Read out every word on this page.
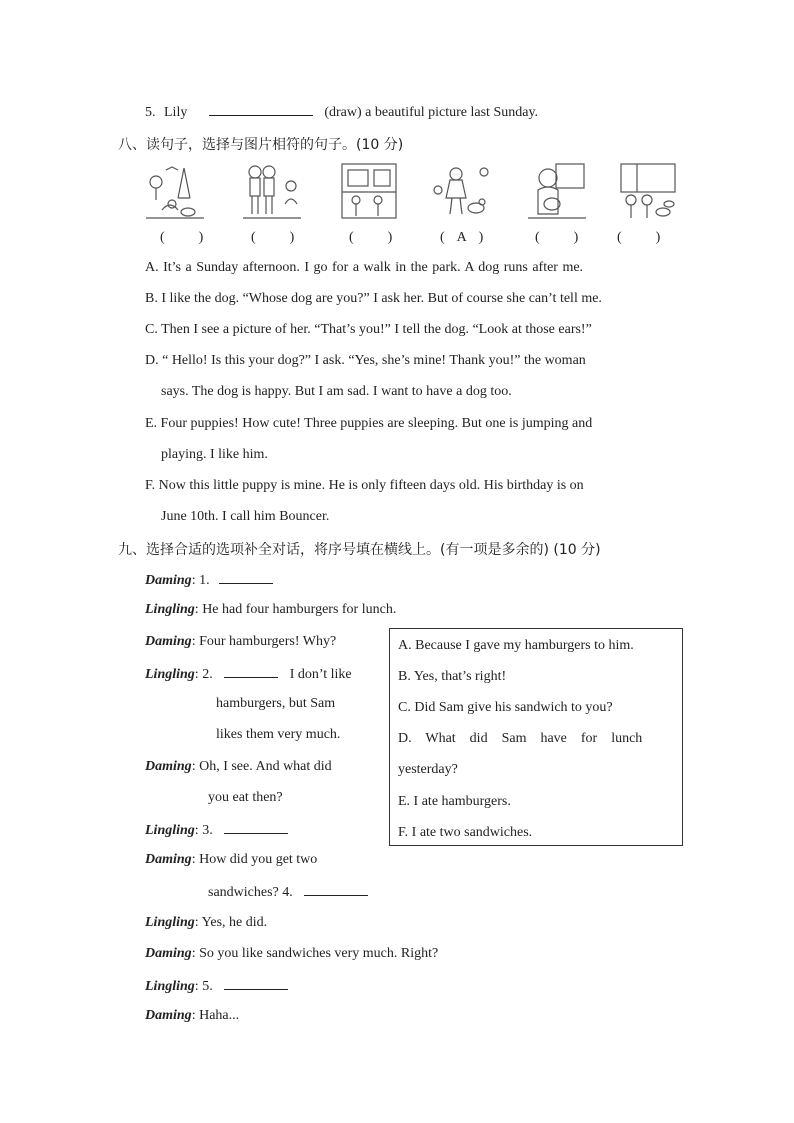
5. Lily	(draw) a beautiful picture last Sunday.
八、读句子，选择与图片相符的句子。(10 分)
( )	( )	( )	( A )	( )	( )
A. It’s a Sunday afternoon. I go for a walk in the park. A dog runs after me.
B. I like the dog. “Whose dog are you?” I ask her. But of course she can’t tell me.
C. Then I see a picture of her. “That’s you!” I tell the dog. “Look at those ears!”
D. “ Hello! Is this your dog?” I ask. “Yes, she’s mine! Thank you!” the woman
says. The dog is happy. But I am sad. I want to have a dog too.
E. Four puppies! How cute! Three puppies are sleeping. But one is jumping and
playing. I like him.
F. Now this little puppy is mine. He is only fifteen days old. His birthday is on
June 10th. I call him Bouncer.
九、选择合适的选项补全对话，将序号填在横线上。(有一项是多余的) (10 分)
Daming: 1.
Lingling: He had four hamburgers for lunch.
Daming: Four hamburgers! Why?
Lingling: 2.	I don’t like
hamburgers, but Sam
likes them very much.
Daming: Oh, I see. And what did
you eat then?
Lingling: 3.
Daming: How did you get two
sandwiches? 4.
Lingling: Yes, he did.
Daming: So you like sandwiches very much. Right?
Lingling: 5.
Daming: Haha...
A. Because I gave my hamburgers to him.
B. Yes, that’s right!
C. Did Sam give his sandwich to you?
D.    What    did    Sam    have    for    lunch
yesterday?
E. I ate hamburgers.
F. I ate two sandwiches.
